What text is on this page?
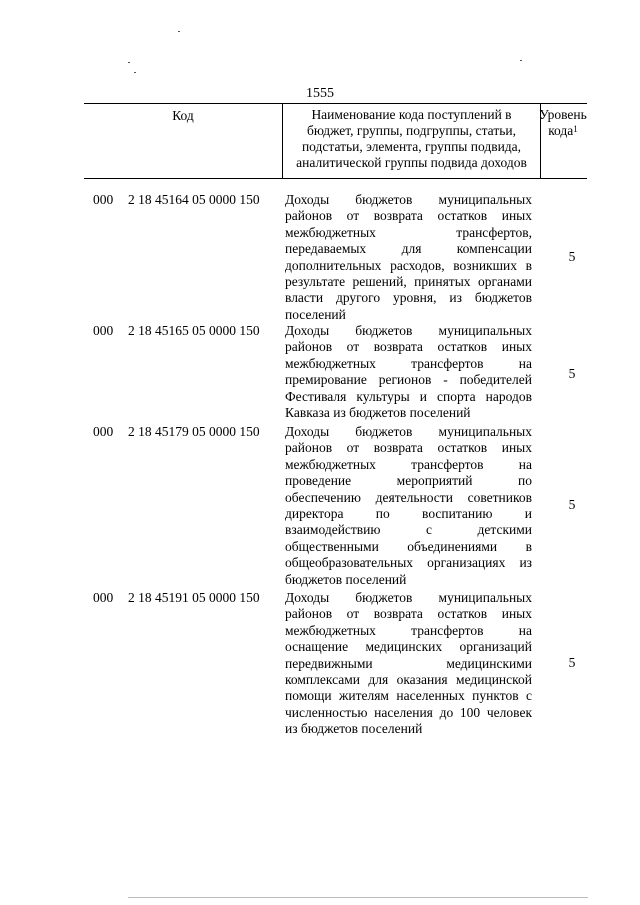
1555
Код	Наименование кода поступлений в
бюджет, группы, подгруппы, статьи,
подстатьи, элемента, группы подвида,
аналитической группы подвида доходов
Уровень
кода$^1$
000	2 18 45164 05 0000 150	Доходы бюджетов муниципальных
районов от возврата остатков иных
межбюджетных трансфертов,
передаваемых для компенсации
дополнительных расходов, возникших в
результате решений, принятых органами
власти другого уровня, из бюджетов
поселений
5
000	2 18 45165 05 0000 150	Доходы бюджетов муниципальных
районов от возврата остатков иных
межбюджетных трансфертов на
премирование регионов - победителей
Фестиваля культуры и спорта народов
Кавказа из бюджетов поселений
5
000	2 18 45179 05 0000 150	Доходы бюджетов муниципальных
районов от возврата остатков иных
межбюджетных трансфертов на
проведение мероприятий по
обеспечению деятельности советников
директора по воспитанию и
взаимодействию с детскими
общественными объединениями в
общеобразовательных организациях из
бюджетов поселений
5
000	2 18 45191 05 0000 150	Доходы бюджетов муниципальных
районов от возврата остатков иных
межбюджетных трансфертов на
оснащение медицинских организаций
передвижными медицинскими
комплексами для оказания медицинской
помощи жителям населенных пунктов с
численностью населения до 100 человек
из бюджетов поселений
5
